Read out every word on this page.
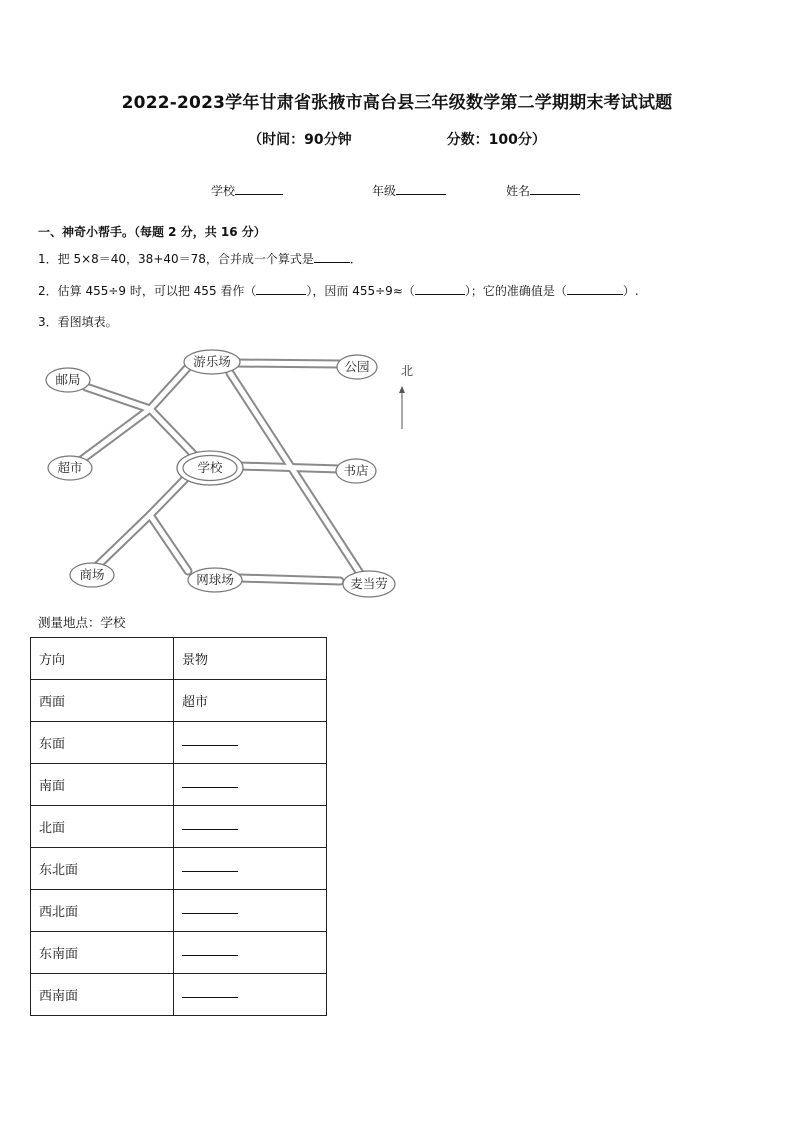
2022-2023学年甘肃省张掖市高台县三年级数学第二学期期末考试试题
（时间：90分钟	分数：100分）
学校	年级	姓名
一、神奇小帮手。（每题 2 分，共 16 分）
1．把 5×8＝40，38+40＝78，合并成一个算式是	．
2．估算 455÷9 时，可以把 455 看作（	），因而 455÷9≈（	）；它的准确值是（	）.
3．看图填表。
邮局
游乐场	公园
超市	学校	书店
商场	网球场	麦当劳
北
测量地点：学校
方向	景物
西面	超市
东面	
南面	
北面	
东北面	
西北面	
东南面	
西南面	
